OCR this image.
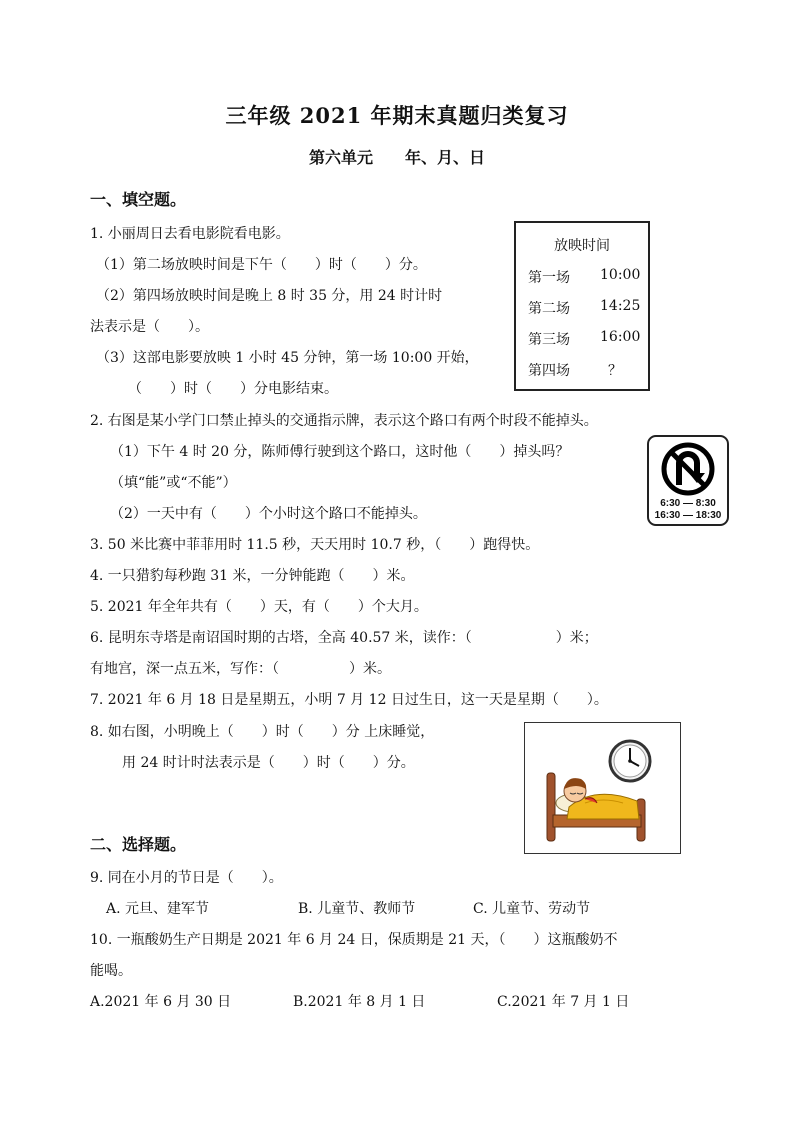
三年级 2021 年期末真题归类复习
第六单元　　年、月、日
一、填空题。
1. 小丽周日去看电影院看电影。
（1）第二场放映时间是下午（　　）时（　　）分。
（2）第四场放映时间是晚上 8 时 35 分，用 24 时计时
法表示是（　　）。
（3）这部电影要放映 1 小时 45 分钟，第一场 10:00 开始，
（　　）时（　　）分电影结束。
放映时间
第一场 10:00
第二场 14:25
第三场 16:00
第四场	？
2. 右图是某小学门口禁止掉头的交通指示牌，表示这个路口有两个时段不能掉头。
（1）下午 4 时 20 分，陈师傅行驶到这个路口，这时他（　　）掉头吗？
（填“能”或“不能”）
（2）一天中有（　　）个小时这个路口不能掉头。
6:30 — 8:30
16:30 — 18:30
3. 50 米比赛中菲菲用时 11.5 秒，天天用时 10.7 秒，（　　）跑得快。
4. 一只猎豹每秒跑 31 米，一分钟能跑（　　）米。
5. 2021 年全年共有（　　）天，有（　　）个大月。
6. 昆明东寺塔是南诏国时期的古塔，全高 40.57 米，读作：（　　　　　　）米；
有地宫，深一点五米，写作：（　　　　　）米。
7. 2021 年 6 月 18 日是星期五，小明 7 月 12 日过生日，这一天是星期（　　）。
8. 如右图，小明晚上（　　）时（　　）分 上床睡觉，
用 24 时计时法表示是（　　）时（　　）分。
二、选择题。
9. 同在小月的节日是（　　）。
A. 元旦、建军节	B. 儿童节、教师节	C. 儿童节、劳动节
10. 一瓶酸奶生产日期是 2021 年 6 月 24 日，保质期是 21 天，（　　）这瓶酸奶不
能喝。
A.2021 年 6 月 30 日	B.2021 年 8 月 1 日	C.2021 年 7 月 1 日
